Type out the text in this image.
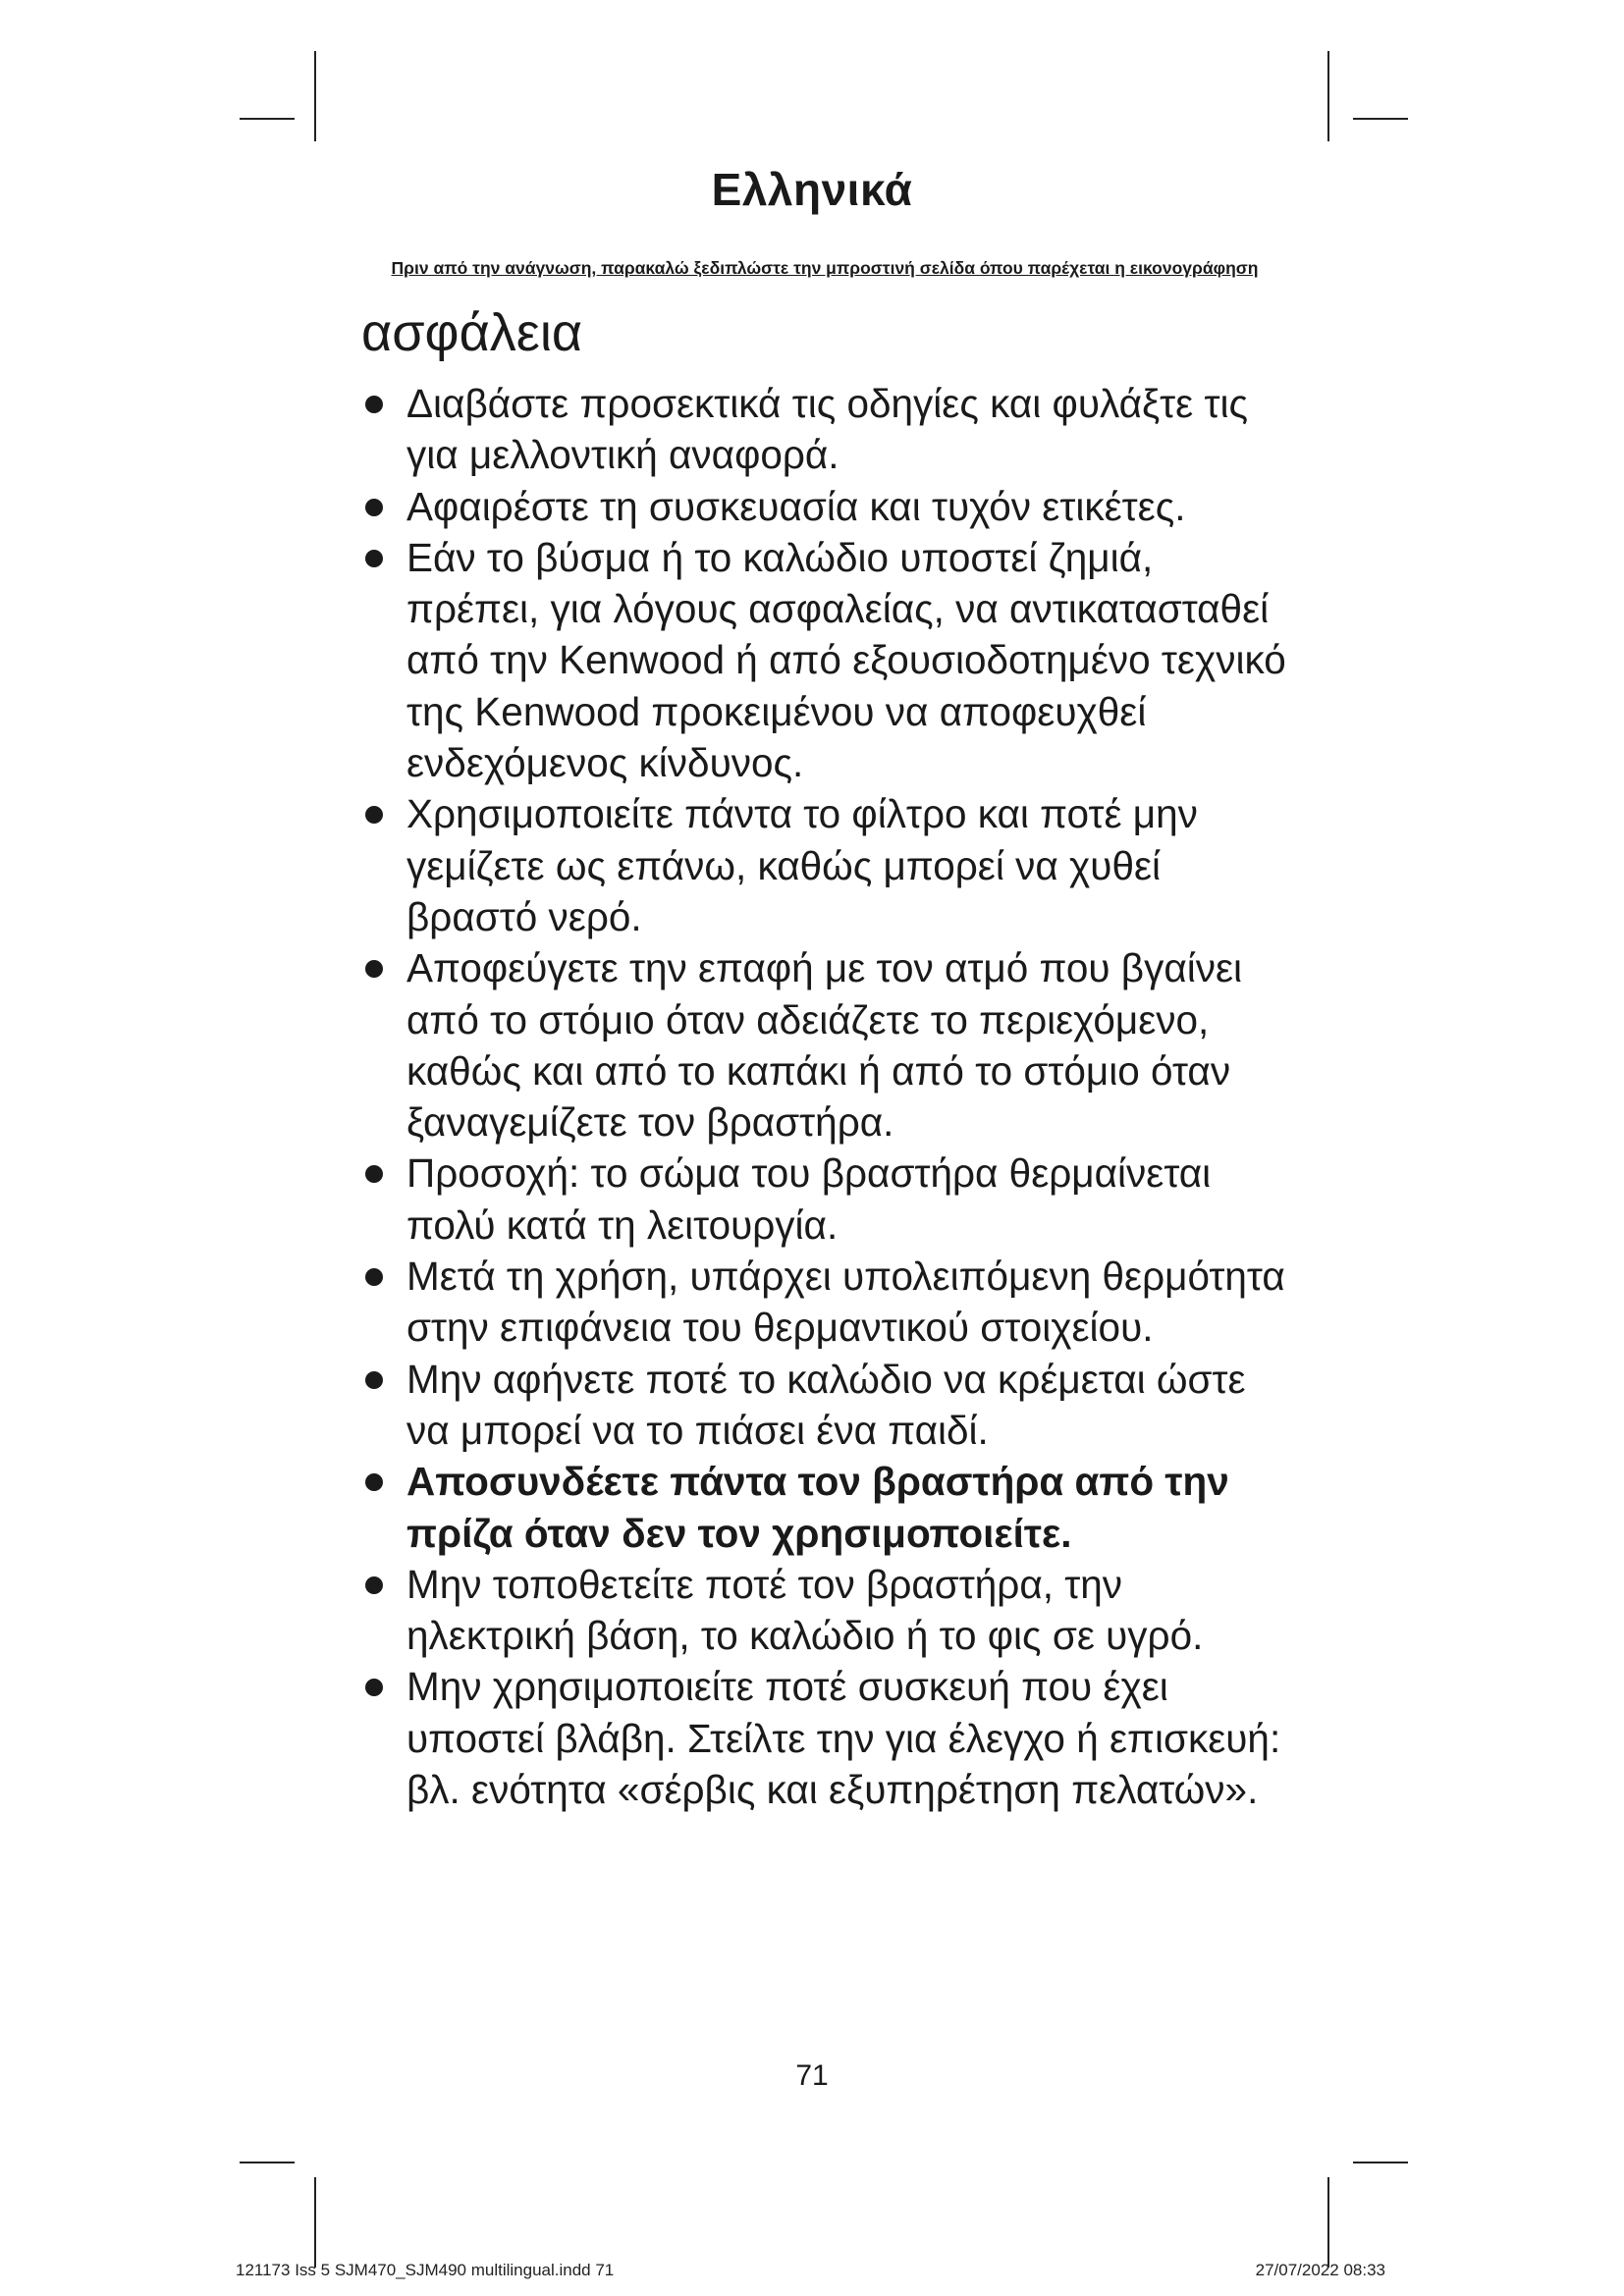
Ελληνικά
Πριν από την ανάγνωση, παρακαλώ ξεδιπλώστε την μπροστινή σελίδα όπου παρέχεται η εικονογράφηση
ασφάλεια
Διαβάστε προσεκτικά τις οδηγίες και φυλάξτε τις για μελλοντική αναφορά.
Αφαιρέστε τη συσκευασία και τυχόν ετικέτες.
Εάν το βύσμα ή το καλώδιο υποστεί ζημιά, πρέπει, για λόγους ασφαλείας, να αντικατασταθεί από την Kenwood ή από εξουσιοδοτημένο τεχνικό της Kenwood προκειμένου να αποφευχθεί ενδεχόμενος κίνδυνος.
Χρησιμοποιείτε πάντα το φίλτρο και ποτέ μην γεμίζετε ως επάνω, καθώς μπορεί να χυθεί βραστό νερό.
Αποφεύγετε την επαφή με τον ατμό που βγαίνει από το στόμιο όταν αδειάζετε το περιεχόμενο, καθώς και από το καπάκι ή από το στόμιο όταν ξαναγεμίζετε τον βραστήρα.
Προσοχή: το σώμα του βραστήρα θερμαίνεται πολύ κατά τη λειτουργία.
Μετά τη χρήση, υπάρχει υπολειπόμενη θερμότητα στην επιφάνεια του θερμαντικού στοιχείου.
Μην αφήνετε ποτέ το καλώδιο να κρέμεται ώστε να μπορεί να το πιάσει ένα παιδί.
Αποσυνδέετε πάντα τον βραστήρα από την πρίζα όταν δεν τον χρησιμοποιείτε.
Μην τοποθετείτε ποτέ τον βραστήρα, την ηλεκτρική βάση, το καλώδιο ή το φις σε υγρό.
Μην χρησιμοποιείτε ποτέ συσκευή που έχει υποστεί βλάβη. Στείλτε την για έλεγχο ή επισκευή: βλ. ενότητα «σέρβις και εξυπηρέτηση πελατών».
71
121173 Iss 5 SJM470_SJM490 multilingual.indd 71	27/07/2022 08:33
